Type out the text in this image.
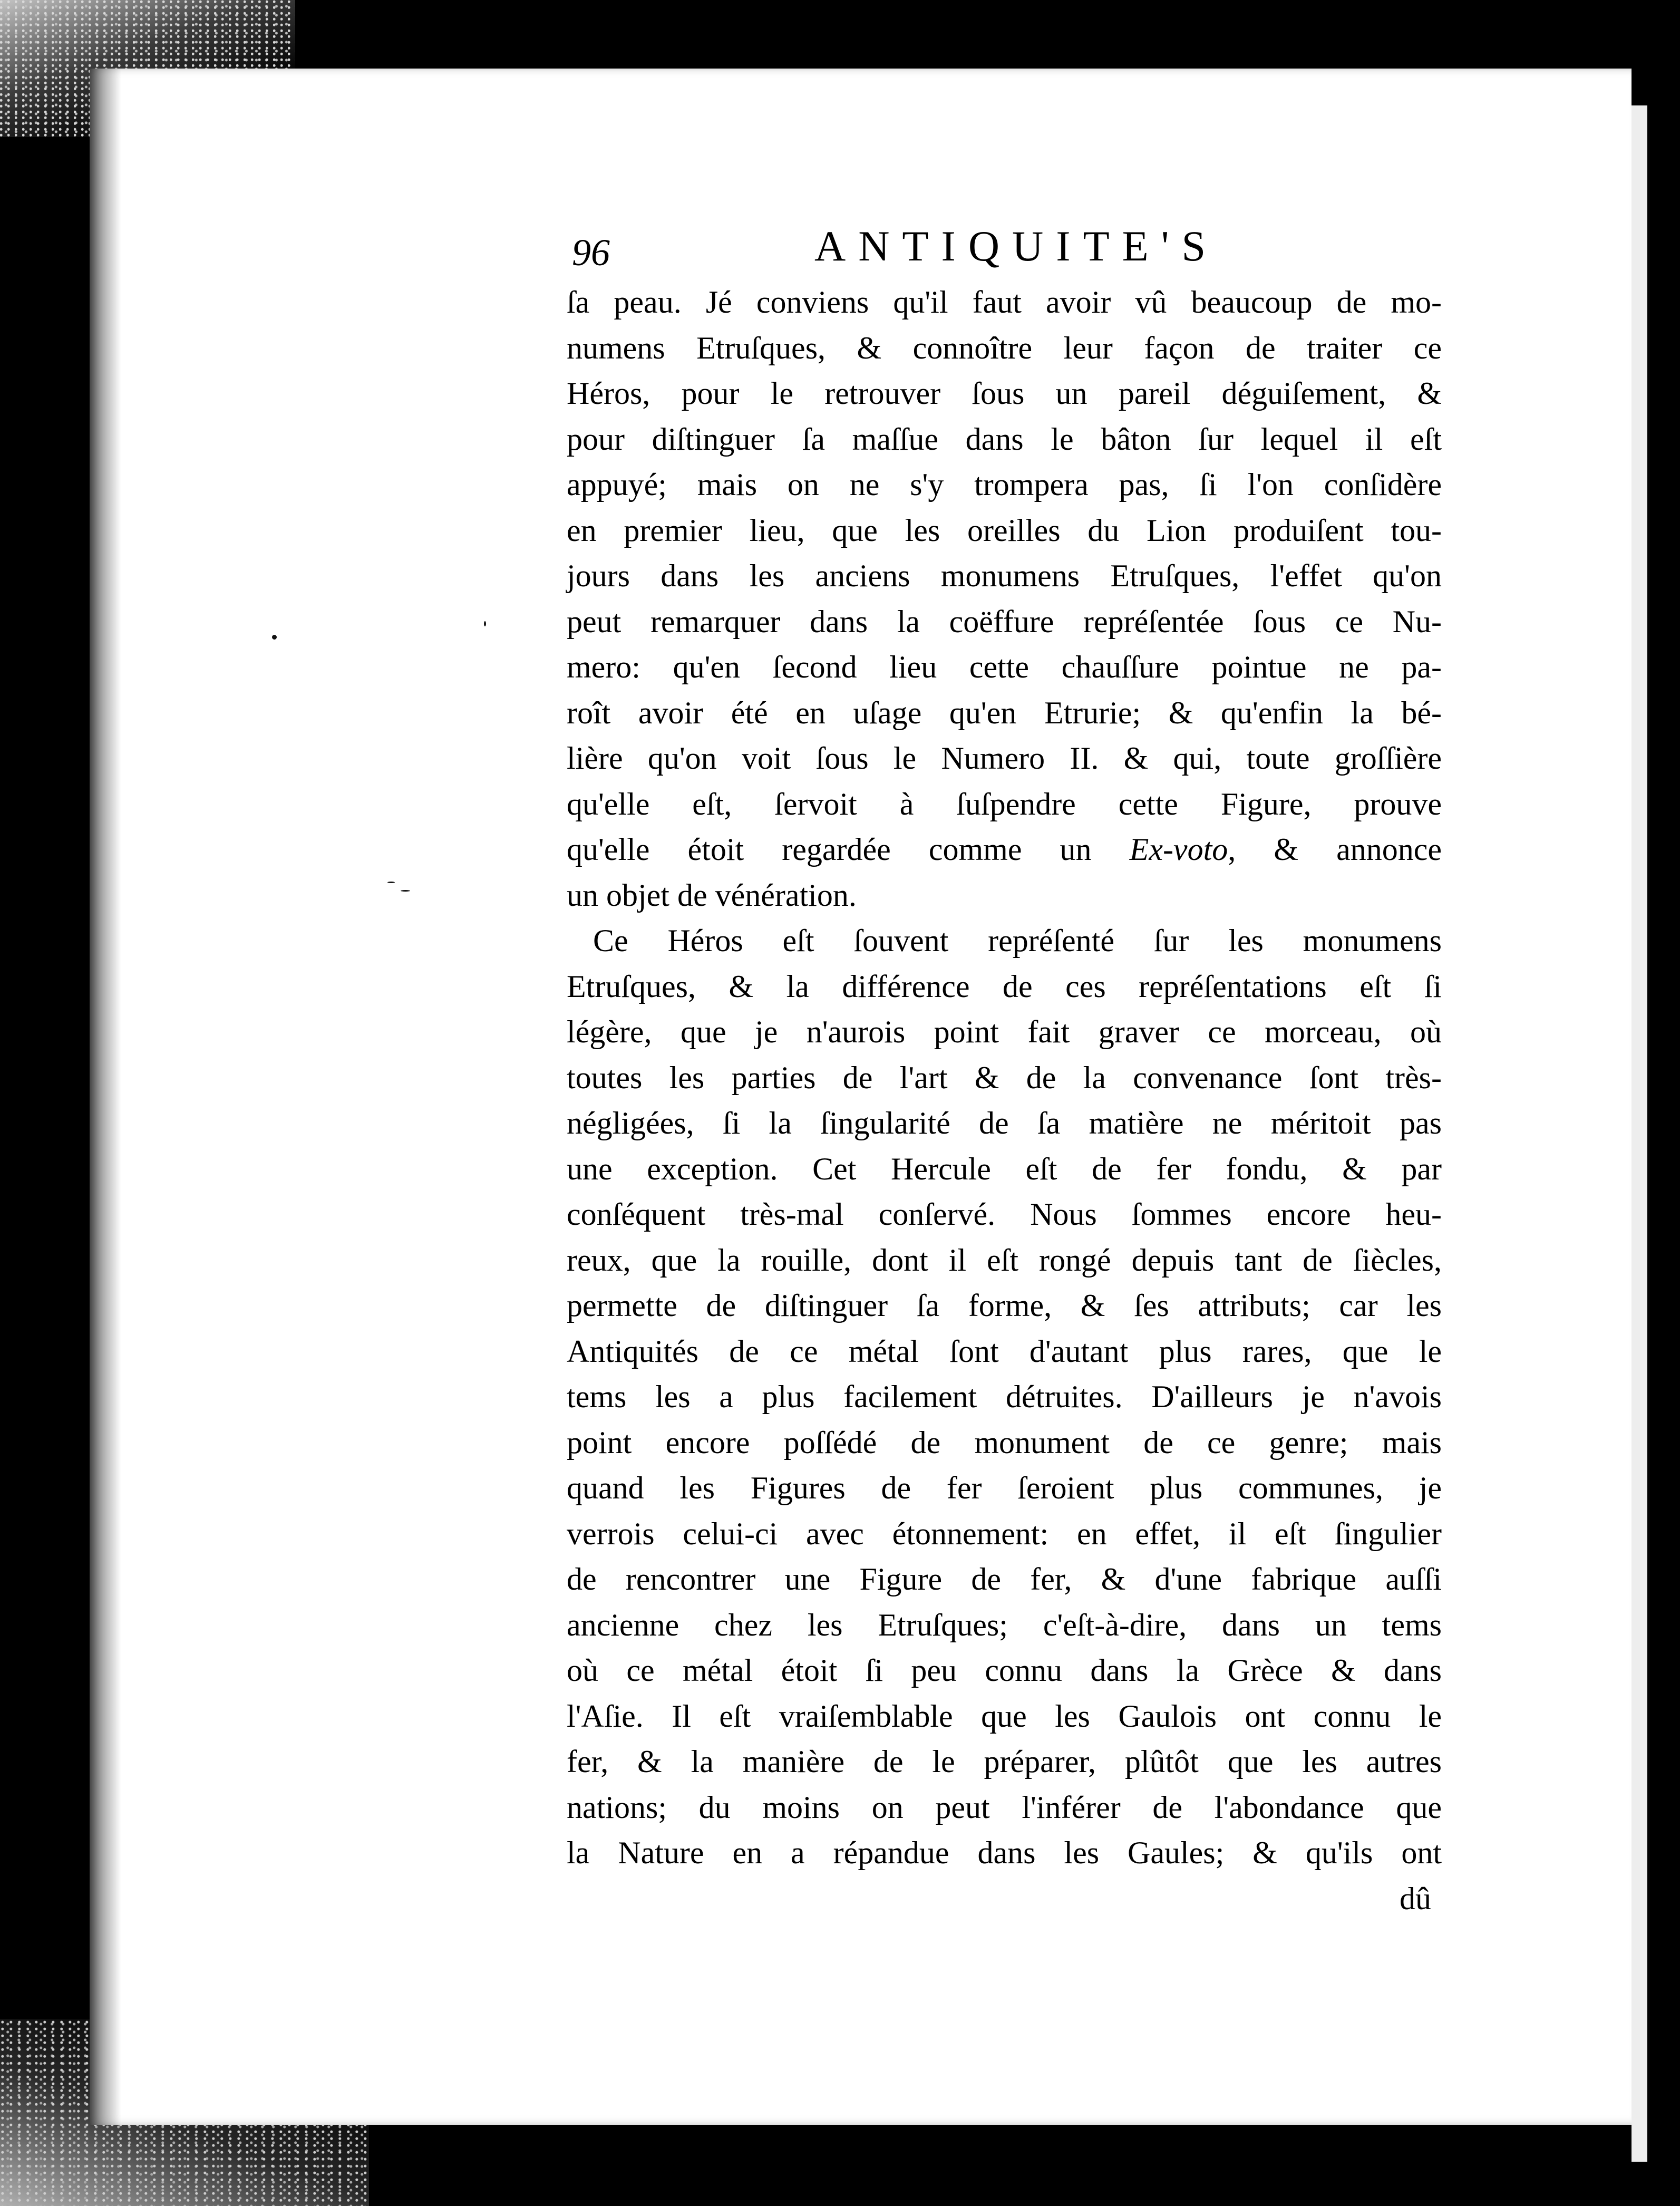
96	ANTIQUITE'S
ſa peau. Jé conviens qu'il faut avoir vû beaucoup de mo-
numens Etruſques, & connoître leur façon de traiter ce
Héros, pour le retrouver ſous un pareil déguiſement, &
pour diſtinguer ſa maſſue dans le bâton ſur lequel il eſt
appuyé; mais on ne s'y trompera pas, ſi l'on conſidère
en premier lieu, que les oreilles du Lion produiſent tou-
jours dans les anciens monumens Etruſques, l'effet qu'on
peut remarquer dans la coëffure repréſentée ſous ce Nu-
mero: qu'en ſecond lieu cette chauſſure pointue ne pa-
roît avoir été en uſage qu'en Etrurie; & qu'enfin la bé-
lière qu'on voit ſous le Numero II. & qui, toute groſſière
qu'elle eſt, ſervoit à ſuſpendre cette Figure, prouve
qu'elle étoit regardée comme un Ex-voto, & annonce
un objet de vénération.
Ce Héros eſt ſouvent repréſenté ſur les monumens
Etruſques, & la différence de ces repréſentations eſt ſi
légère, que je n'aurois point fait graver ce morceau, où
toutes les parties de l'art & de la convenance ſont très-
négligées, ſi la ſingularité de ſa matière ne méritoit pas
une exception. Cet Hercule eſt de fer fondu, & par
conſéquent très-mal conſervé. Nous ſommes encore heu-
reux, que la rouille, dont il eſt rongé depuis tant de ſiècles,
permette de diſtinguer ſa forme, & ſes attributs; car les
Antiquités de ce métal ſont d'autant plus rares, que le
tems les a plus facilement détruites. D'ailleurs je n'avois
point encore poſſédé de monument de ce genre; mais
quand les Figures de fer ſeroient plus communes, je
verrois celui-ci avec étonnement: en effet, il eſt ſingulier
de rencontrer une Figure de fer, & d'une fabrique auſſi
ancienne chez les Etruſques; c'eſt-à-dire, dans un tems
où ce métal étoit ſi peu connu dans la Grèce & dans
l'Aſie. Il eſt vraiſemblable que les Gaulois ont connu le
fer, & la manière de le préparer, plûtôt que les autres
nations; du moins on peut l'inférer de l'abondance que
la Nature en a répandue dans les Gaules; & qu'ils ont
dû
